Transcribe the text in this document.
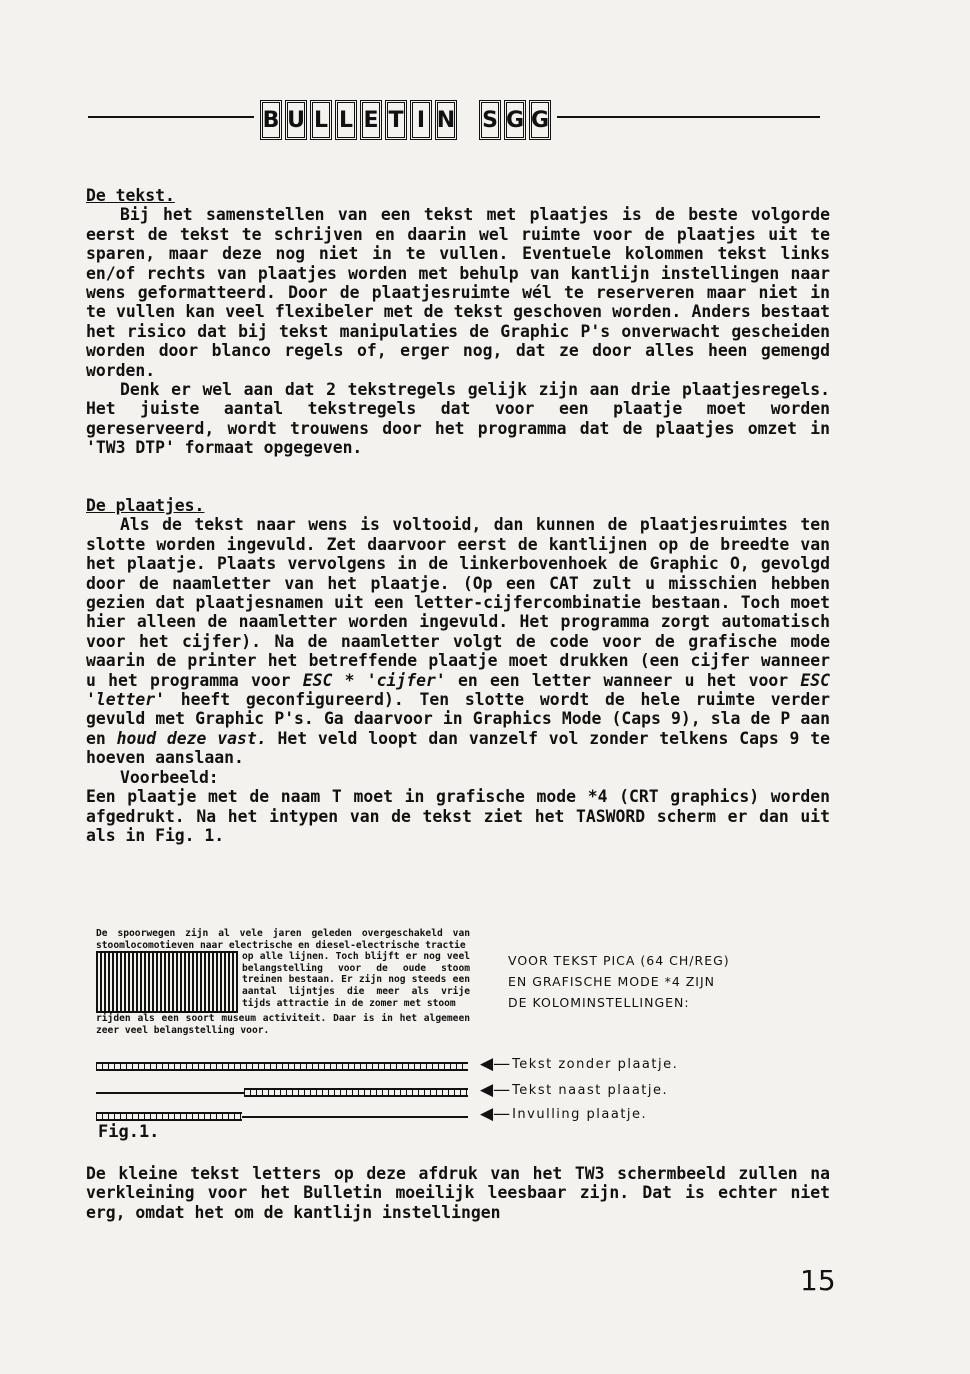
B U L L E T I N S G G

De tekst.

Bij het samenstellen van een tekst met plaatjes is de beste volgorde eerst de tekst te schrijven en daarin wel ruimte voor de plaatjes uit te sparen, maar deze nog niet in te vullen. Eventuele kolommen tekst links en/of rechts van plaatjes worden met behulp van kantlijn instellingen naar wens geformatteerd. Door de plaatjesruimte wél te reserveren maar niet in te vullen kan veel flexibeler met de tekst geschoven worden. Anders bestaat het risico dat bij tekst manipulaties de Graphic P's onverwacht gescheiden worden door blanco regels of, erger nog, dat ze door alles heen gemengd worden.

Denk er wel aan dat 2 tekstregels gelijk zijn aan drie plaatjesregels. Het juiste aantal tekstregels dat voor een plaatje moet worden gereserveerd, wordt trouwens door het programma dat de plaatjes omzet in 'TW3 DTP' formaat opgegeven.

De plaatjes.

Als de tekst naar wens is voltooid, dan kunnen de plaatjesruimtes ten slotte worden ingevuld. Zet daarvoor eerst de kantlijnen op de breedte van het plaatje. Plaats vervolgens in de linkerbovenhoek de Graphic O, gevolgd door de naamletter van het plaatje. (Op een CAT zult u misschien hebben gezien dat plaatjesnamen uit een letter-cijfercombinatie bestaan. Toch moet hier alleen de naamletter worden ingevuld. Het programma zorgt automatisch voor het cijfer). Na de naamletter volgt de code voor de grafische mode waarin de printer het betreffende plaatje moet drukken (een cijfer wanneer u het programma voor ESC * 'cijfer' en een letter wanneer u het voor ESC 'letter' heeft geconfigureerd). Ten slotte wordt de hele ruimte verder gevuld met Graphic P's. Ga daarvoor in Graphics Mode (Caps 9), sla de P aan en houd deze vast. Het veld loopt dan vanzelf vol zonder telkens Caps 9 te hoeven aanslaan.

Voorbeeld:

Een plaatje met de naam T moet in grafische mode *4 (CRT graphics) worden afgedrukt. Na het intypen van de tekst ziet het TASWORD scherm er dan uit als in Fig. 1.

De spoorwegen zijn al vele jaren geleden overgeschakeld van stoomlocomotieven naar electrische en diesel-electrische tractie
op alle lijnen. Toch blijft er nog veel belangstelling voor de oude stoom treinen bestaan. Er zijn nog steeds een aantal lijntjes die meer als vrije tijds attractie in de zomer met stoom
rijden als een soort museum activiteit. Daar is in het algemeen zeer veel belangstelling voor.
VOOR TEKST PICA (64 CH/REG)
EN GRAFISCHE MODE *4 ZIJN
DE KOLOMINSTELLINGEN:
◀— Tekst zonder plaatje.
◀— Tekst naast plaatje.
◀— Invulling plaatje.
Fig.1.

De kleine tekst letters op deze afdruk van het TW3 schermbeeld zullen na verkleining voor het Bulletin moeilijk leesbaar zijn. Dat is echter niet erg, omdat het om de kantlijn instellingen

15
